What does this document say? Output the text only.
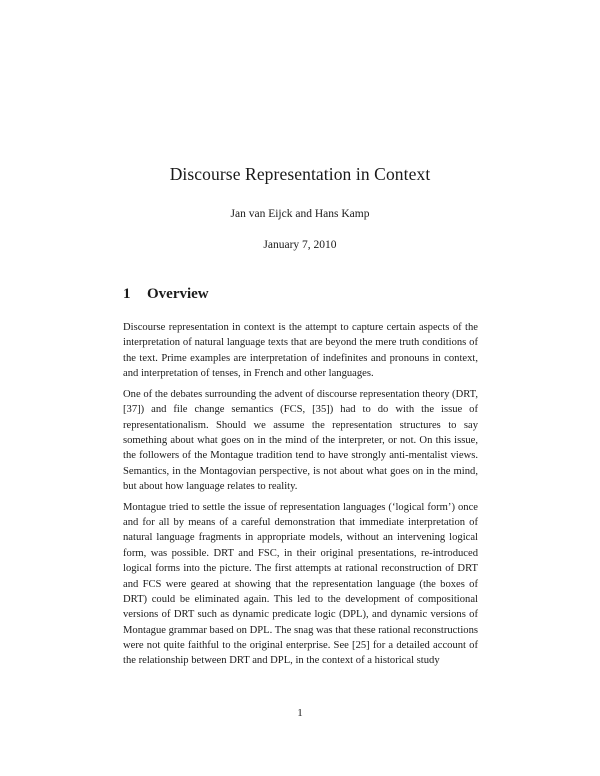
Discourse Representation in Context
Jan van Eijck and Hans Kamp
January 7, 2010
1 Overview

Discourse representation in context is the attempt to capture certain aspects of the interpretation of natural language texts that are beyond the mere truth conditions of the text. Prime examples are interpretation of indefinites and pronouns in context, and interpretation of tenses, in French and other languages.

One of the debates surrounding the advent of discourse representation theory (DRT, [37]) and file change semantics (FCS, [35]) had to do with the issue of representationalism. Should we assume the representation structures to say something about what goes on in the mind of the interpreter, or not. On this issue, the followers of the Montague tradition tend to have strongly anti-mentalist views. Semantics, in the Montagovian perspective, is not about what goes on in the mind, but about how language relates to reality.

Montague tried to settle the issue of representation languages (‘logical form’) once and for all by means of a careful demonstration that immediate interpretation of natural language fragments in appropriate models, without an intervening logical form, was possible. DRT and FSC, in their original presentations, re-introduced logical forms into the picture. The first attempts at rational reconstruction of DRT and FCS were geared at showing that the representation language (the boxes of DRT) could be eliminated again. This led to the development of compositional versions of DRT such as dynamic predicate logic (DPL), and dynamic versions of Montague grammar based on DPL. The snag was that these rational reconstructions were not quite faithful to the original enterprise. See [25] for a detailed account of the relationship between DRT and DPL, in the context of a historical study

1
